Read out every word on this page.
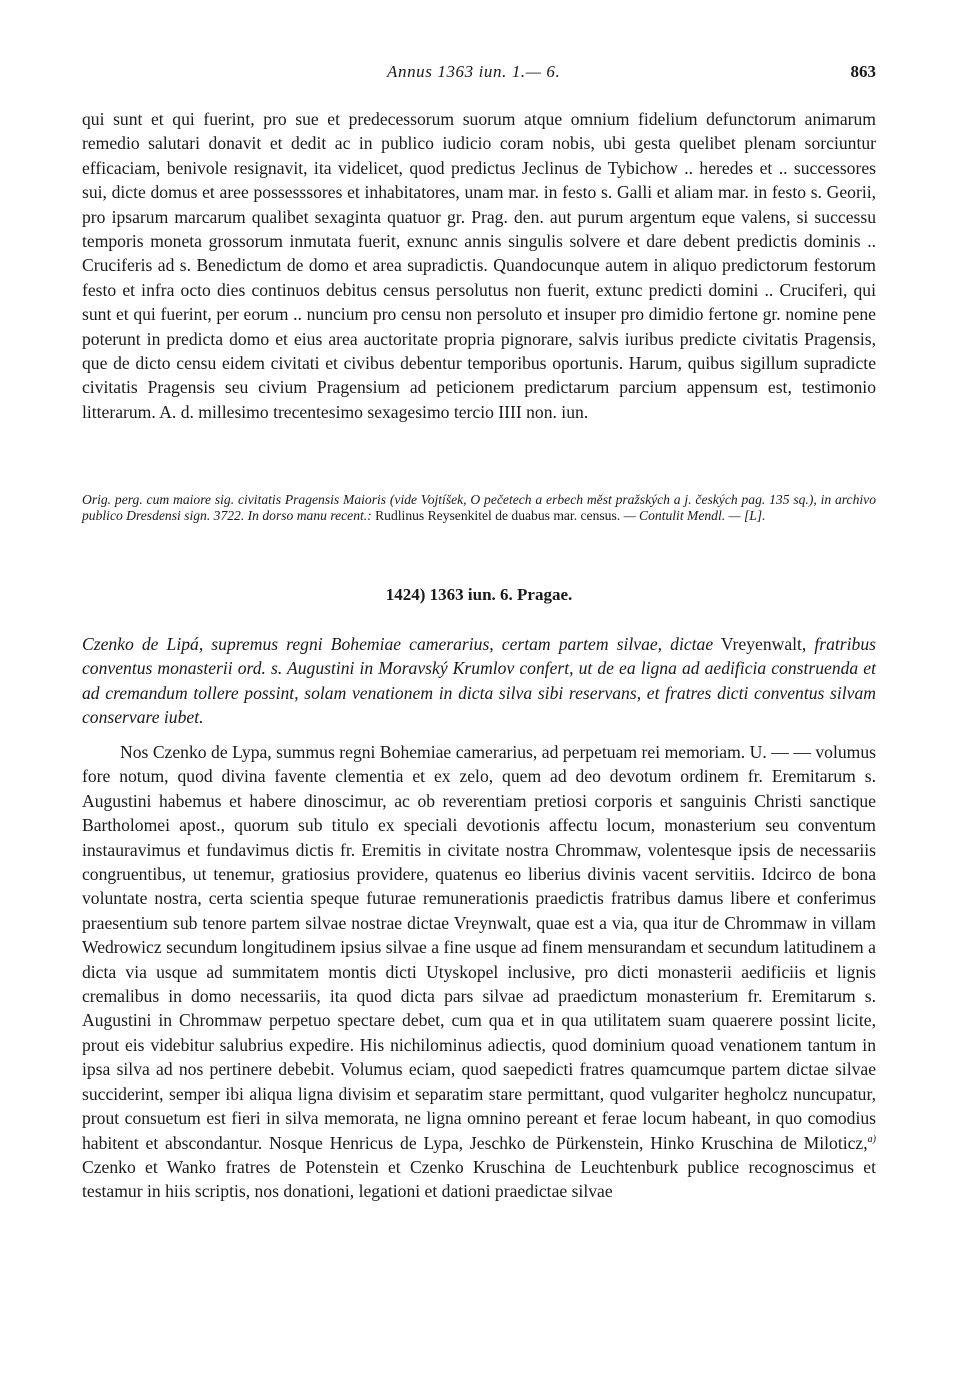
Annus 1363 iun. 1.— 6.	863

qui sunt et qui fuerint, pro sue et predecessorum suorum atque omnium fidelium defunctorum animarum remedio salutari donavit et dedit ac in publico iudicio coram nobis, ubi gesta quelibet plenam sorciuntur efficaciam, benivole resignavit, ita videlicet, quod predictus Jeclinus de Tybichow .. heredes et .. successores sui, dicte domus et aree possesssores et inhabitatores, unam mar. in festo s. Galli et aliam mar. in festo s. Georii, pro ipsarum marcarum qualibet sexaginta quatuor gr. Prag. den. aut purum argentum eque valens, si successu temporis moneta grossorum inmutata fuerit, exnunc annis singulis solvere et dare debent predictis dominis .. Cruciferis ad s. Benedictum de domo et area supradictis. Quandocunque autem in aliquo predictorum festorum festo et infra octo dies continuos debitus census persolutus non fuerit, extunc predicti domini .. Cruciferi, qui sunt et qui fuerint, per eorum .. nuncium pro censu non persoluto et insuper pro dimidio fertone gr. nomine pene poterunt in predicta domo et eius area auctoritate propria pignorare, salvis iuribus predicte civitatis Pragensis, que de dicto censu eidem civitati et civibus debentur temporibus oportunis. Harum, quibus sigillum supradicte civitatis Pragensis seu civium Pragensium ad peticionem predictarum parcium appensum est, testimonio litterarum. A. d. millesimo trecentesimo sexagesimo tercio IIII non. iun.

Orig. perg. cum maiore sig. civitatis Pragensis Maioris (vide Vojtíšek, O pečetech a erbech měst pražských a j. českých pag. 135 sq.), in archivo publico Dresdensi sign. 3722. In dorso manu recent.: Rudlinus Reysenkitel de duabus mar. census. — Contulit Mendl. — [L].

1424) 1363 iun. 6. Pragae.

Czenko de Lipá, supremus regni Bohemiae camerarius, certam partem silvae, dictae Vreyenwalt, fratribus conventus monasterii ord. s. Augustini in Moravský Krumlov confert, ut de ea ligna ad aedificia construenda et ad cremandum tollere possint, solam venationem in dicta silva sibi reservans, et fratres dicti conventus silvam conservare iubet.

Nos Czenko de Lypa, summus regni Bohemiae camerarius, ad perpetuam rei memoriam. U. — — volumus fore notum, quod divina favente clementia et ex zelo, quem ad deo devotum ordinem fr. Eremitarum s. Augustini habemus et habere dinoscimur, ac ob reverentiam pretiosi corporis et sanguinis Christi sanctique Bartholomei apost., quorum sub titulo ex speciali devotionis affectu locum, monasterium seu conventum instauravimus et fundavimus dictis fr. Eremitis in civitate nostra Chrommaw, volentesque ipsis de necessariis congruentibus, ut tenemur, gratiosius providere, quatenus eo liberius divinis vacent servitiis. Idcirco de bona voluntate nostra, certa scientia speque futurae remunerationis praedictis fratribus damus libere et conferimus praesentium sub tenore partem silvae nostrae dictae Vreynwalt, quae est a via, qua itur de Chrommaw in villam Wedrowicz secundum longitudinem ipsius silvae a fine usque ad finem mensurandam et secundum latitudinem a dicta via usque ad summitatem montis dicti Utyskopel inclusive, pro dicti monasterii aedificiis et lignis cremalibus in domo necessariis, ita quod dicta pars silvae ad praedictum monasterium fr. Eremitarum s. Augustini in Chrommaw perpetuo spectare debet, cum qua et in qua utilitatem suam quaerere possint licite, prout eis videbitur salubrius expedire. His nichilominus adiectis, quod dominium quoad venationem tantum in ipsa silva ad nos pertinere debebit. Volumus eciam, quod saepedicti fratres quamcumque partem dictae silvae succiderint, semper ibi aliqua ligna divisim et separatim stare permittant, quod vulgariter hegholcz nuncupatur, prout consuetum est fieri in silva memorata, ne ligna omnino pereant et ferae locum habeant, in quo comodius habitent et abscondantur. Nosque Henricus de Lypa, Jeschko de Pürkenstein, Hinko Kruschina de Miloticz,$^{a)}$ Czenko et Wanko fratres de Potenstein et Czenko Kruschina de Leuchtenburk publice recognoscimus et testamur in hiis scriptis, nos donationi, legationi et dationi praedictae silvae
